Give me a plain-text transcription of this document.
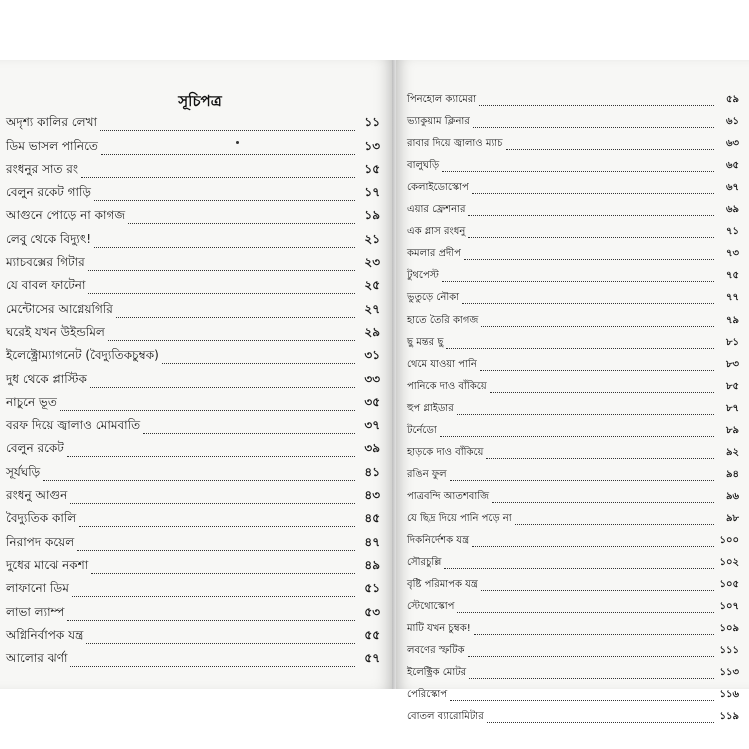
সূচিপত্র
অদৃশ্য কালির লেখা	১১
ডিম ভাসল পানিতে	১৩
রংধনুর সাত রং	১৫
বেলুন রকেট গাড়ি	১৭
আগুনে পোড়ে না কাগজ	১৯
লেবু থেকে বিদ্যুৎ!	২১
ম্যাচবক্সের গিটার	২৩
যে বাবল ফাটেনা	২৫
মেন্টোসের আগ্নেয়গিরি	২৭
ঘরেই যখন উইন্ডমিল	২৯
ইলেক্ট্রোম্যাগনেট (বৈদ্যুতিকচুম্বক)	৩১
দুধ থেকে প্লাস্টিক	৩৩
নাচুনে ভূত	৩৫
বরফ দিয়ে জ্বালাও মোমবাতি	৩৭
বেলুন রকেট	৩৯
সূর্যঘড়ি	৪১
রংধনু আগুন	৪৩
বৈদ্যুতিক কালি	৪৫
নিরাপদ কয়েল	৪৭
দুধের মাঝে নকশা	৪৯
লাফানো ডিম	৫১
লাভা ল্যাম্প	৫৩
অগ্নিনির্বাপক যন্ত্র	৫৫
আলোর ঝর্ণা	৫৭
পিনহোল ক্যামেরা	৫৯
ভ্যাকুয়াম ক্লিনার	৬১
রাবার দিয়ে জ্বালাও ম্যাচ	৬৩
বালুঘড়ি	৬৫
কেলাইডোস্কোপ	৬৭
এয়ার ফ্রেশনার	৬৯
এক গ্লাস রংধনু	৭১
কমলার প্রদীপ	৭৩
টুথপেস্ট	৭৫
ভুতুড়ে নৌকা	৭৭
হাতে তৈরি কাগজ	৭৯
ছু মন্তর ছু	৮১
থেমে যাওয়া পানি	৮৩
পানিকে দাও বাঁকিয়ে	৮৫
হুপ গ্লাইডার	৮৭
টর্নেডো	৮৯
হাড়কে দাও বাঁকিয়ে	৯২
রঙিন ফুল	৯৪
পাত্রবন্দি আতশবাজি	৯৬
যে ছিদ্র দিয়ে পানি পড়ে না	৯৮
দিকনির্দেশক যন্ত্র	১০০
সৌরচুল্লি	১০২
বৃষ্টি পরিমাপক যন্ত্র	১০৫
স্টেথোস্কোপ	১০৭
মাটি যখন চুম্বক!	১০৯
লবণের স্ফটিক	১১১
ইলেক্ট্রিক মোটর	১১৩
পেরিস্কোপ	১১৬
বোতল ব্যারোমিটার	১১৯
